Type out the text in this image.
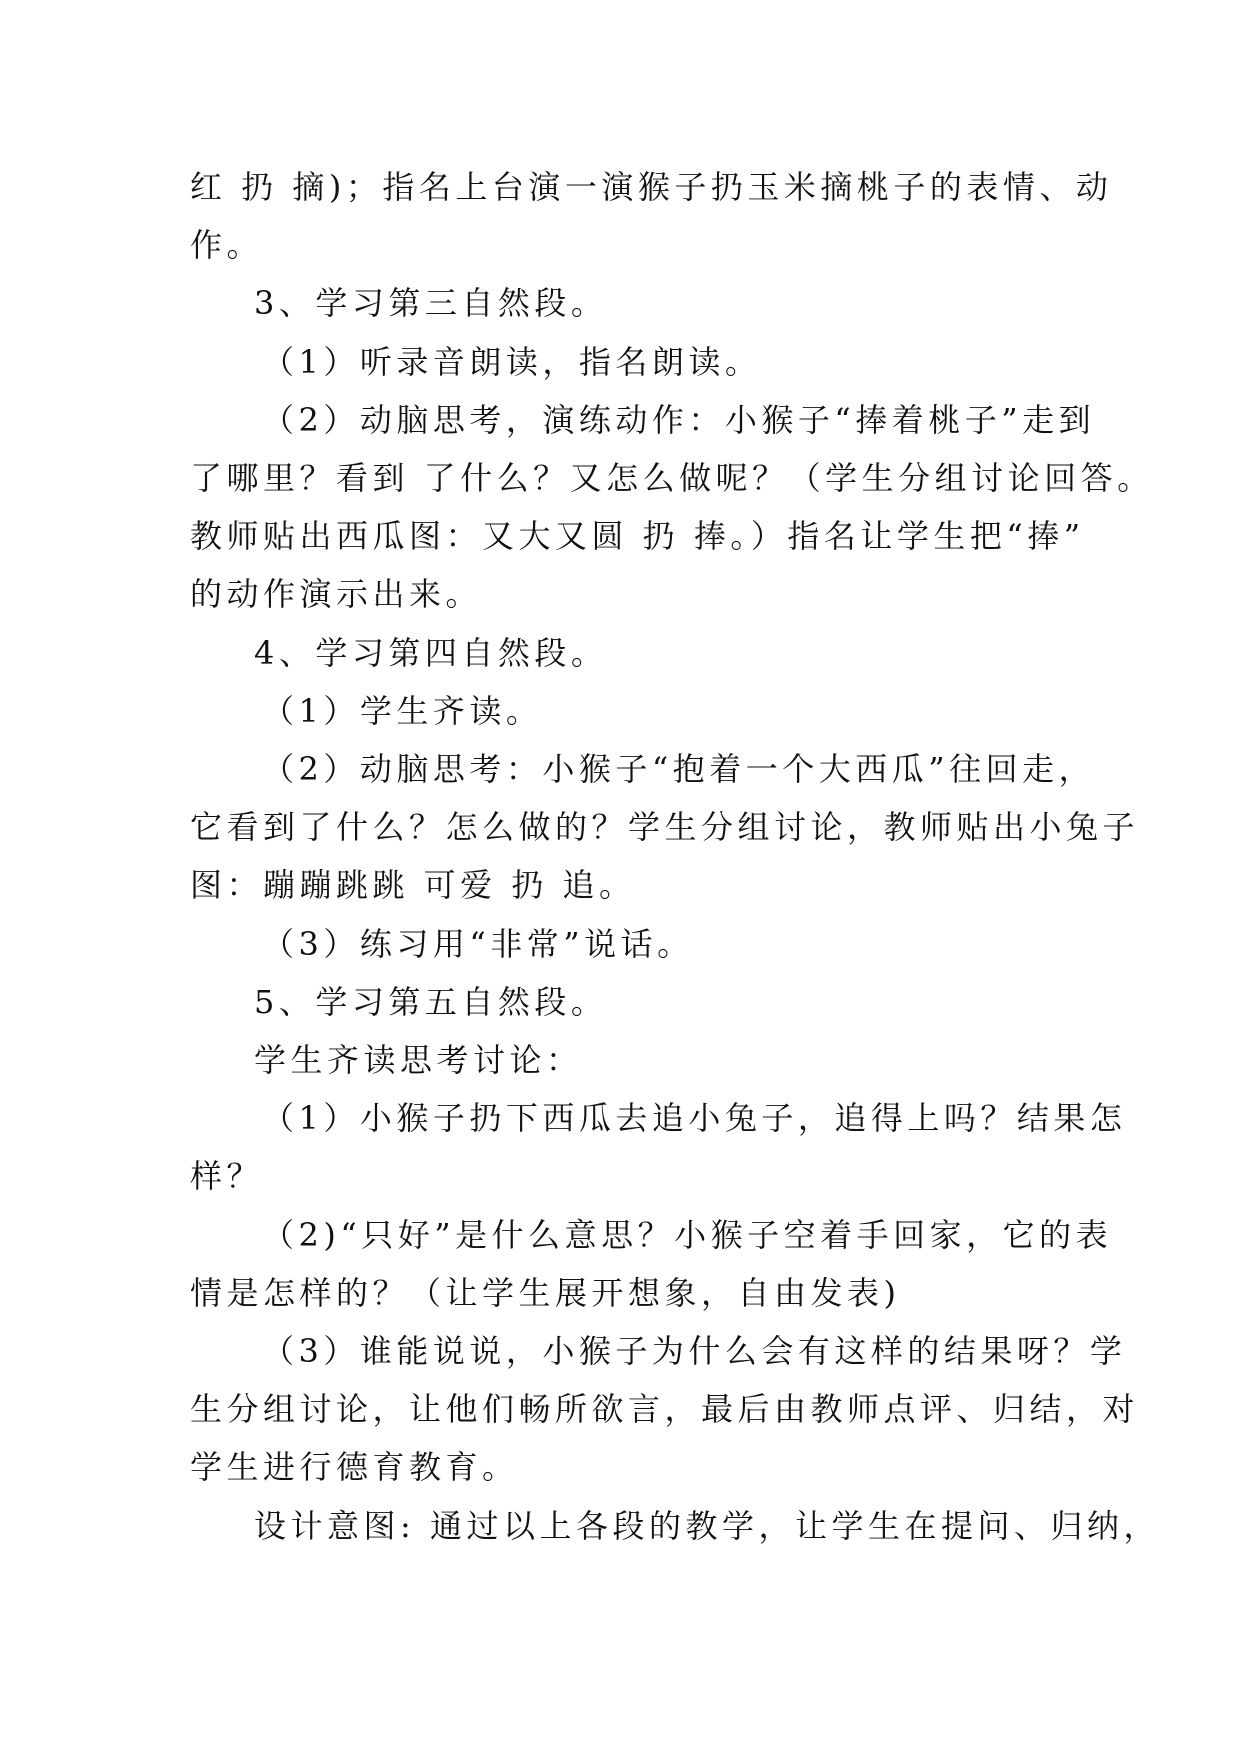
红 扔 摘)；指名上台演一演猴子扔玉米摘桃子的表情、动
作。

3、学习第三自然段。

（1）听录音朗读，指名朗读。

（2）动脑思考，演练动作：小猴子“捧着桃子”走到
了哪里？看到 了什么？又怎么做呢？（学生分组讨论回答。
教师贴出西瓜图：又大又圆 扔 捧。）指名让学生把“捧”
的动作演示出来。

4、学习第四自然段。

（1）学生齐读。

（2）动脑思考：小猴子“抱着一个大西瓜”往回走，
它看到了什么？怎么做的？学生分组讨论，教师贴出小兔子
图：蹦蹦跳跳 可爱 扔 追。

（3）练习用“非常”说话。

5、学习第五自然段。

学生齐读思考讨论：

（1）小猴子扔下西瓜去追小兔子，追得上吗？结果怎
样？

（2)“只好”是什么意思？小猴子空着手回家，它的表
情是怎样的？（让学生展开想象，自由发表)

（3）谁能说说，小猴子为什么会有这样的结果呀？学
生分组讨论，让他们畅所欲言，最后由教师点评、归结，对
学生进行德育教育。

设计意图: 通过以上各段的教学，让学生在提问、归纳，
